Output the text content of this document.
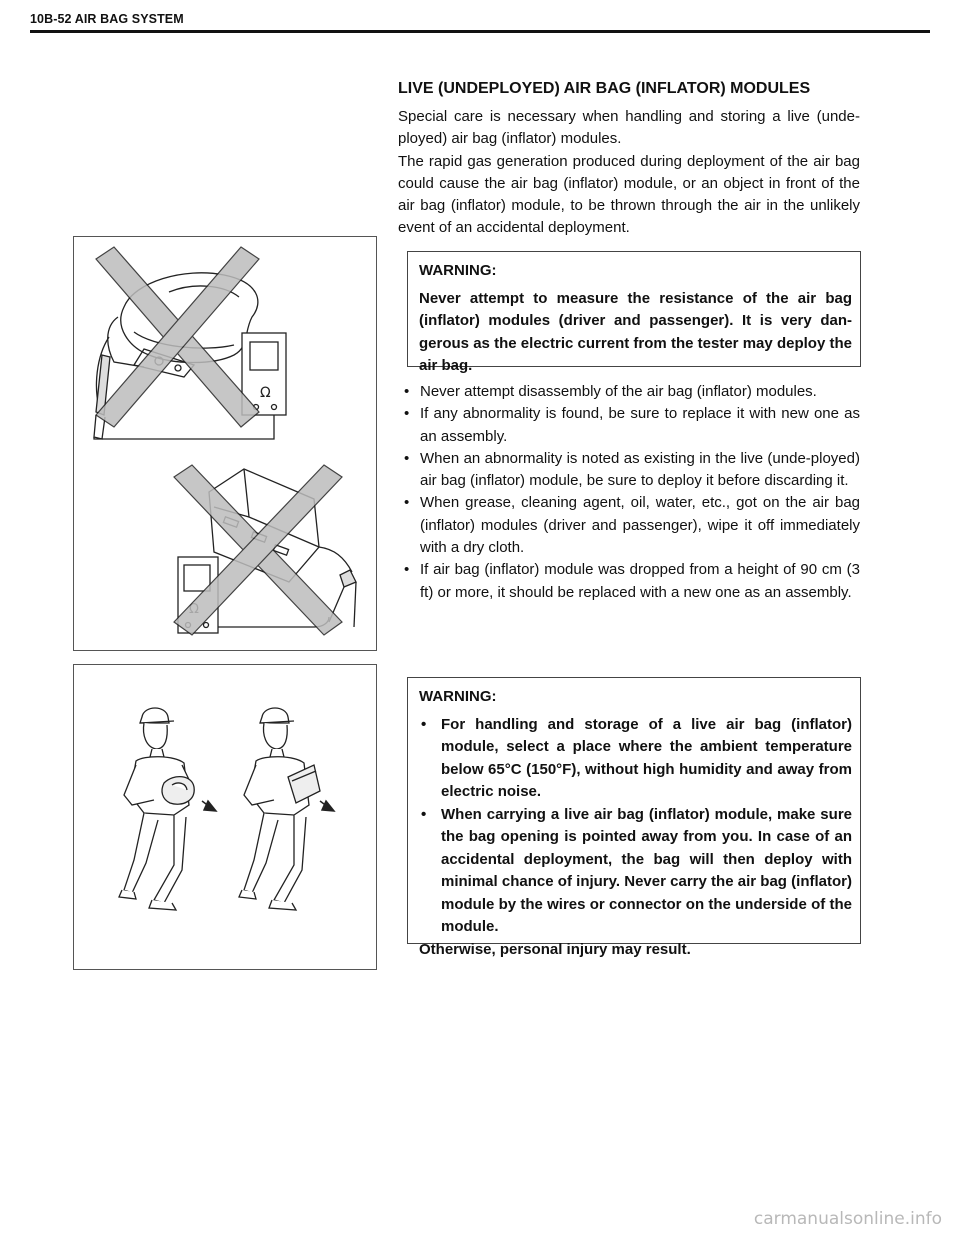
10B-52 AIR BAG SYSTEM
LIVE (UNDEPLOYED) AIR BAG (INFLATOR) MODULES

Special care is necessary when handling and storing a live (unde-ployed) air bag (inflator) modules.

The rapid gas generation produced during deployment of the air bag could cause the air bag (inflator) module, or an object in front of the air bag (inflator) module, to be thrown through the air in the unlikely event of an accidental deployment.

Ω
WARNING:
Never attempt to measure the resistance of the air bag (inflator) modules (driver and passenger). It is very dan-gerous as the electric current from the tester may deploy the air bag.
• Never attempt disassembly of the air bag (inflator) modules.
• If any abnormality is found, be sure to replace it with new one as an assembly.
• When an abnormality is noted as existing in the live (unde-ployed) air bag (inflator) module, be sure to deploy it before discarding it.
• When grease, cleaning agent, oil, water, etc., got on the air bag (inflator) modules (driver and passenger), wipe it off immediately with a dry cloth.
• If air bag (inflator) module was dropped from a height of 90 cm (3 ft) or more, it should be replaced with a new one as an assembly.
WARNING:
• For handling and storage of a live air bag (inflator) module, select a place where the ambient temperature below 65°C (150°F), without high humidity and away from electric noise.
• When carrying a live air bag (inflator) module, make sure the bag opening is pointed away from you. In case of an accidental deployment, the bag will then deploy with minimal chance of injury. Never carry the air bag (inflator) module by the wires or connector on the underside of the module.
Otherwise, personal injury may result.
carmanualsonline.info
